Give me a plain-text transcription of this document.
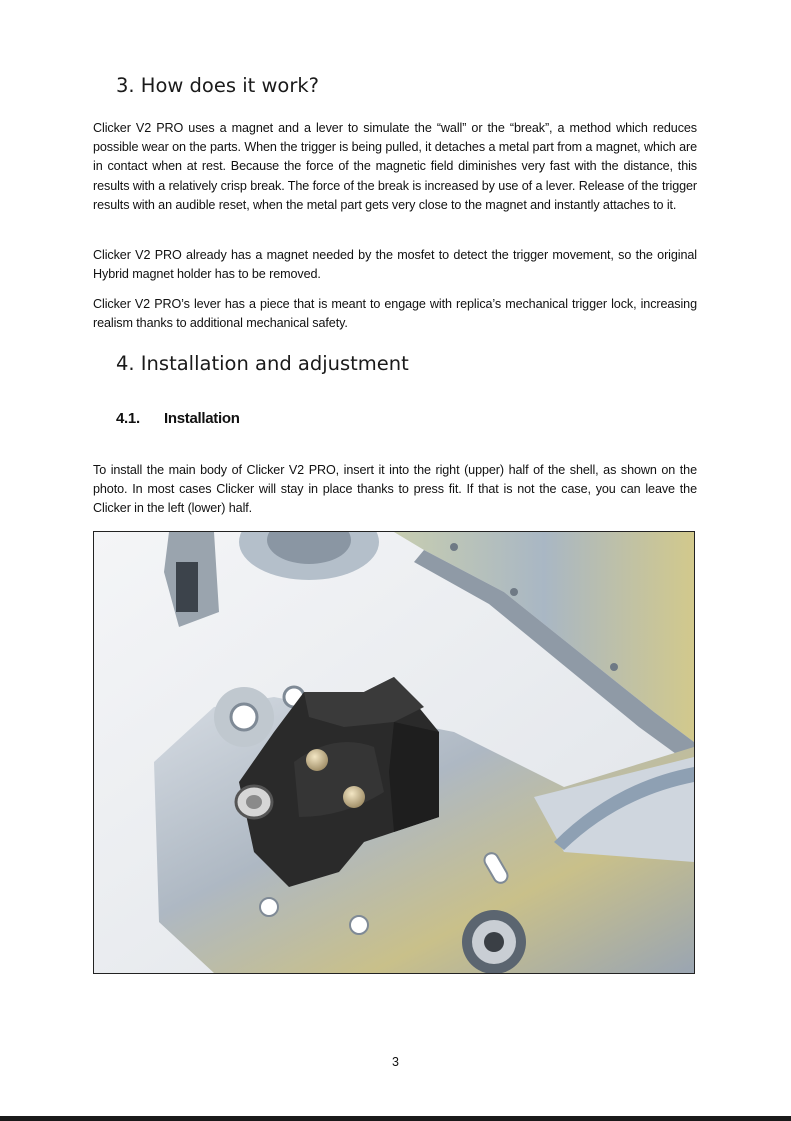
3. How does it work?

Clicker V2 PRO uses a magnet and a lever to simulate the “wall” or the “break”, a method which reduces possible wear on the parts. When the trigger is being pulled, it detaches a metal part from a magnet, which are in contact when at rest. Because the force of the magnetic field diminishes very fast with the distance, this results with a relatively crisp break. The force of the break is increased by use of a lever. Release of the trigger results with an audible reset, when the metal part gets very close to the magnet and instantly attaches to it.

Clicker V2 PRO already has a magnet needed by the mosfet to detect the trigger movement, so the original Hybrid magnet holder has to be removed.

Clicker V2 PRO’s lever has a piece that is meant to engage with replica’s mechanical trigger lock, increasing realism thanks to additional mechanical safety.

4. Installation and adjustment
4.1. Installation

To install the main body of Clicker V2 PRO, insert it into the right (upper) half of the shell, as shown on the photo. In most cases Clicker will stay in place thanks to press fit. If that is not the case, you can leave the Clicker in the left (lower) half.

3
